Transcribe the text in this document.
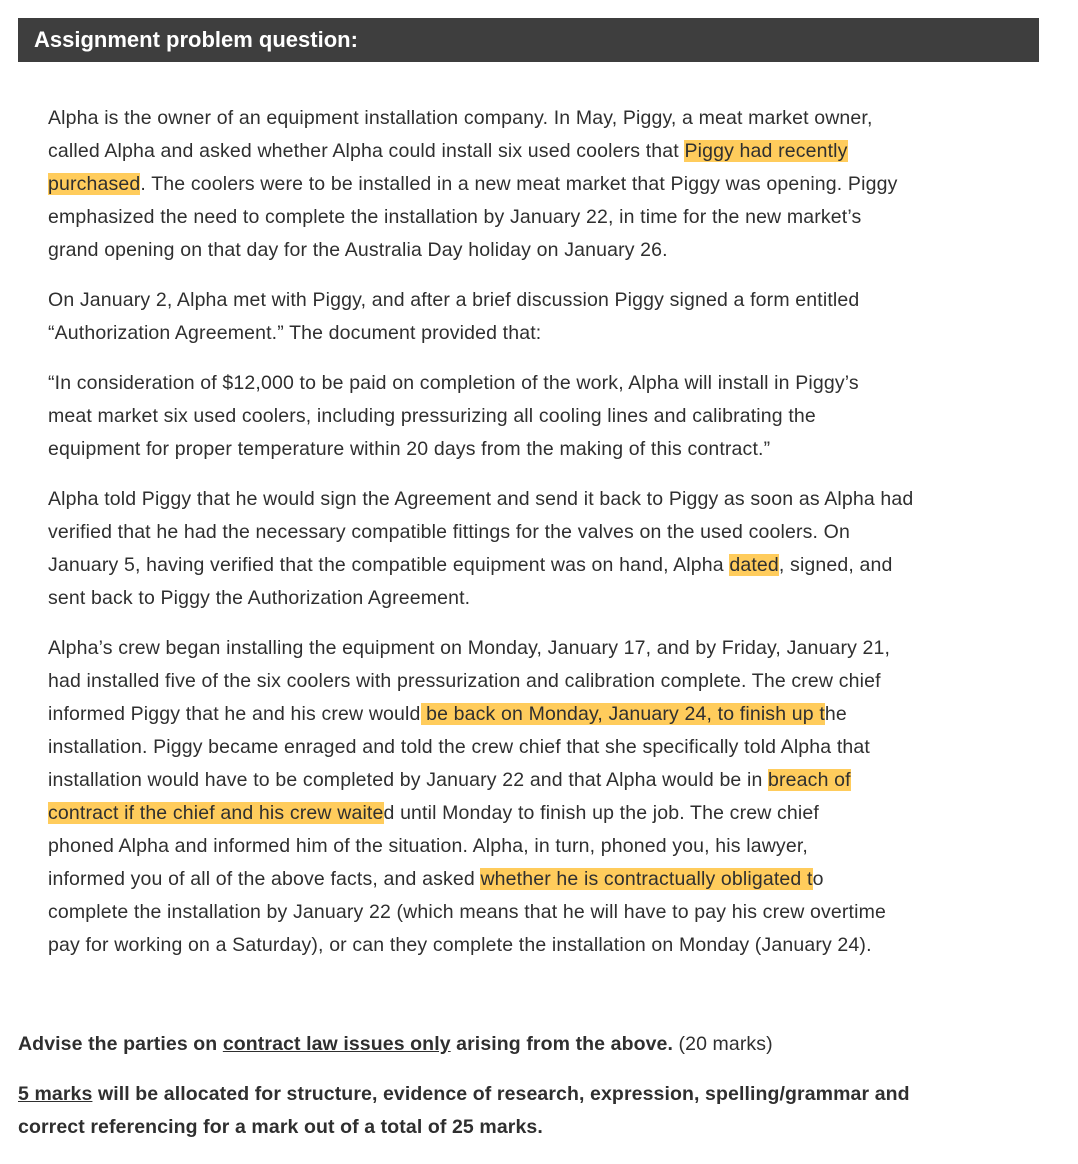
Assignment problem question:

Alpha is the owner of an equipment installation company. In May, Piggy, a meat market owner,
called Alpha and asked whether Alpha could install six used coolers that Piggy had recently
purchased. The coolers were to be installed in a new meat market that Piggy was opening. Piggy
emphasized the need to complete the installation by January 22, in time for the new market’s
grand opening on that day for the Australia Day holiday on January 26.

On January 2, Alpha met with Piggy, and after a brief discussion Piggy signed a form entitled
“Authorization Agreement.” The document provided that:

“In consideration of $12,000 to be paid on completion of the work, Alpha will install in Piggy’s
meat market six used coolers, including pressurizing all cooling lines and calibrating the
equipment for proper temperature within 20 days from the making of this contract.”

Alpha told Piggy that he would sign the Agreement and send it back to Piggy as soon as Alpha had
verified that he had the necessary compatible fittings for the valves on the used coolers. On
January 5, having verified that the compatible equipment was on hand, Alpha dated, signed, and
sent back to Piggy the Authorization Agreement.

Alpha’s crew began installing the equipment on Monday, January 17, and by Friday, January 21,
had installed five of the six coolers with pressurization and calibration complete. The crew chief
informed Piggy that he and his crew would be back on Monday, January 24, to finish up the
installation. Piggy became enraged and told the crew chief that she specifically told Alpha that
installation would have to be completed by January 22 and that Alpha would be in breach of
contract if the chief and his crew waited until Monday to finish up the job. The crew chief
phoned Alpha and informed him of the situation. Alpha, in turn, phoned you, his lawyer,
informed you of all of the above facts, and asked whether he is contractually obligated to
complete the installation by January 22 (which means that he will have to pay his crew overtime
pay for working on a Saturday), or can they complete the installation on Monday (January 24).

Advise the parties on contract law issues only arising from the above. (20 marks)

5 marks will be allocated for structure, evidence of research, expression, spelling/grammar and
correct referencing for a mark out of a total of 25 marks.
